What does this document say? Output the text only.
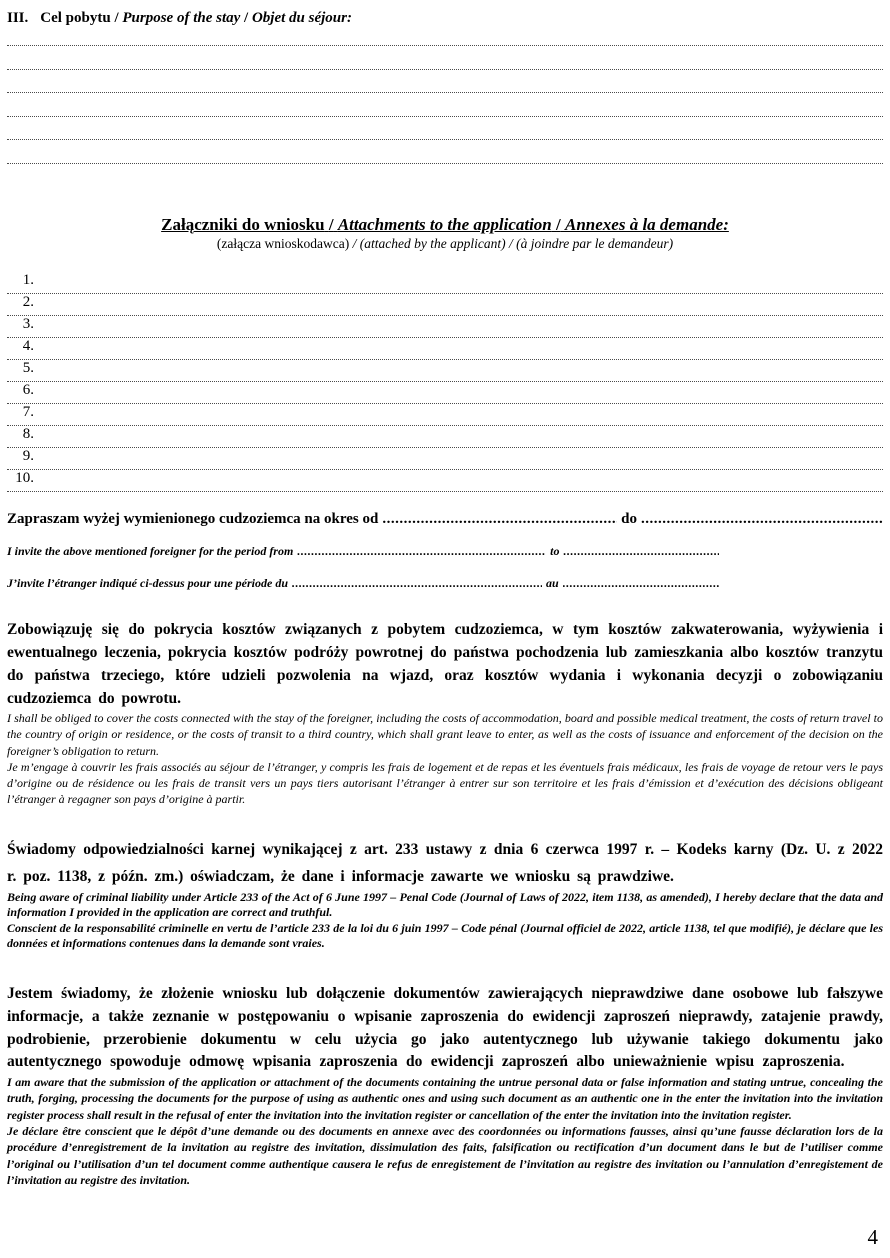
III. Cel pobytu / Purpose of the stay / Objet du séjour:
Załączniki do wniosku / Attachments to the application / Annexes à la demande:
(załącza wnioskodawca) / (attached by the applicant) / (à joindre par le demandeur)
1.
2.
3.
4.
5.
6.
7.
8.
9.
10.
Zapraszam wyżej wymienionego cudzoziemca na okres od .....	do
.....
I invite the above mentioned foreigner for the period from .....	to
.....
J’invite l’étranger indiqué ci-dessus pour une période du .....	au
.....

Zobowiązuję się do pokrycia kosztów związanych z pobytem cudzoziemca, w tym kosztów zakwaterowania, wyżywienia i ewentualnego leczenia, pokrycia kosztów podróży powrotnej do państwa pochodzenia lub zamieszkania albo kosztów tranzytu do państwa trzeciego, które udzieli pozwolenia na wjazd, oraz kosztów wydania i wykonania decyzji o zobowiązaniu cudzoziemca do powrotu.

I shall be obliged to cover the costs connected with the stay of the foreigner, including the costs of accommodation, board and possible medical treatment, the costs of return travel to the country of origin or residence, or the costs of transit to a third country, which shall grant leave to enter, as well as the costs of issuance and enforcement of the decision on the foreigner’s obligation to return.

Je m’engage à couvrir les frais associés au séjour de l’étranger, y compris les frais de logement et de repas et les éventuels frais médicaux, les frais de voyage de retour vers le pays d’origine ou de résidence ou les frais de transit vers un pays tiers autorisant l’étranger à entrer sur son territoire et les frais d’émission et d’exécution des décisions obligeant l’étranger à regagner son pays d’origine à partir.

Świadomy odpowiedzialności karnej wynikającej z art. 233 ustawy z dnia 6 czerwca 1997 r. – Kodeks karny (Dz. U. z 2022 r. poz. 1138, z późn. zm.) oświadczam, że dane i informacje zawarte we wniosku są prawdziwe.

Being aware of criminal liability under Article 233 of the Act of 6 June 1997 – Penal Code (Journal of Laws of 2022, item 1138, as amended), I hereby declare that the data and information I provided in the application are correct and truthful.

Conscient de la responsabilité criminelle en vertu de l’article 233 de la loi du 6 juin 1997 – Code pénal (Journal officiel de 2022, article 1138, tel que modifié), je déclare que les données et informations contenues dans la demande sont vraies.

Jestem świadomy, że złożenie wniosku lub dołączenie dokumentów zawierających nieprawdziwe dane osobowe lub fałszywe informacje, a także zeznanie w postępowaniu o wpisanie zaproszenia do ewidencji zaproszeń nieprawdy, zatajenie prawdy, podrobienie, przerobienie dokumentu w celu użycia go jako autentycznego lub używanie takiego dokumentu jako autentycznego spowoduje odmowę wpisania zaproszenia do ewidencji zaproszeń albo unieważnienie wpisu zaproszenia.

I am aware that the submission of the application or attachment of the documents containing the untrue personal data or false information and stating untrue, concealing the truth, forging, processing the documents for the purpose of using as authentic ones and using such document as an authentic one in the enter the invitation into the invitation register process shall result in the refusal of enter the invitation into the invitation register or cancellation of the enter the invitation into the invitation register.

Je déclare être conscient que le dépôt d’une demande ou des documents en annexe avec des coordonnées ou informations fausses, ainsi qu’une fausse déclaration lors de la procédure d’enregistrement de la invitation au registre des invitation, dissimulation des faits, falsification ou rectification d’un document dans le but de l’utiliser comme l’original ou l’utilisation d’un tel document comme authentique causera le refus de enregistement de l’invitation au registre des invitation ou l’annulation d’enregistement de l’invitation au registre des invitation.

4
